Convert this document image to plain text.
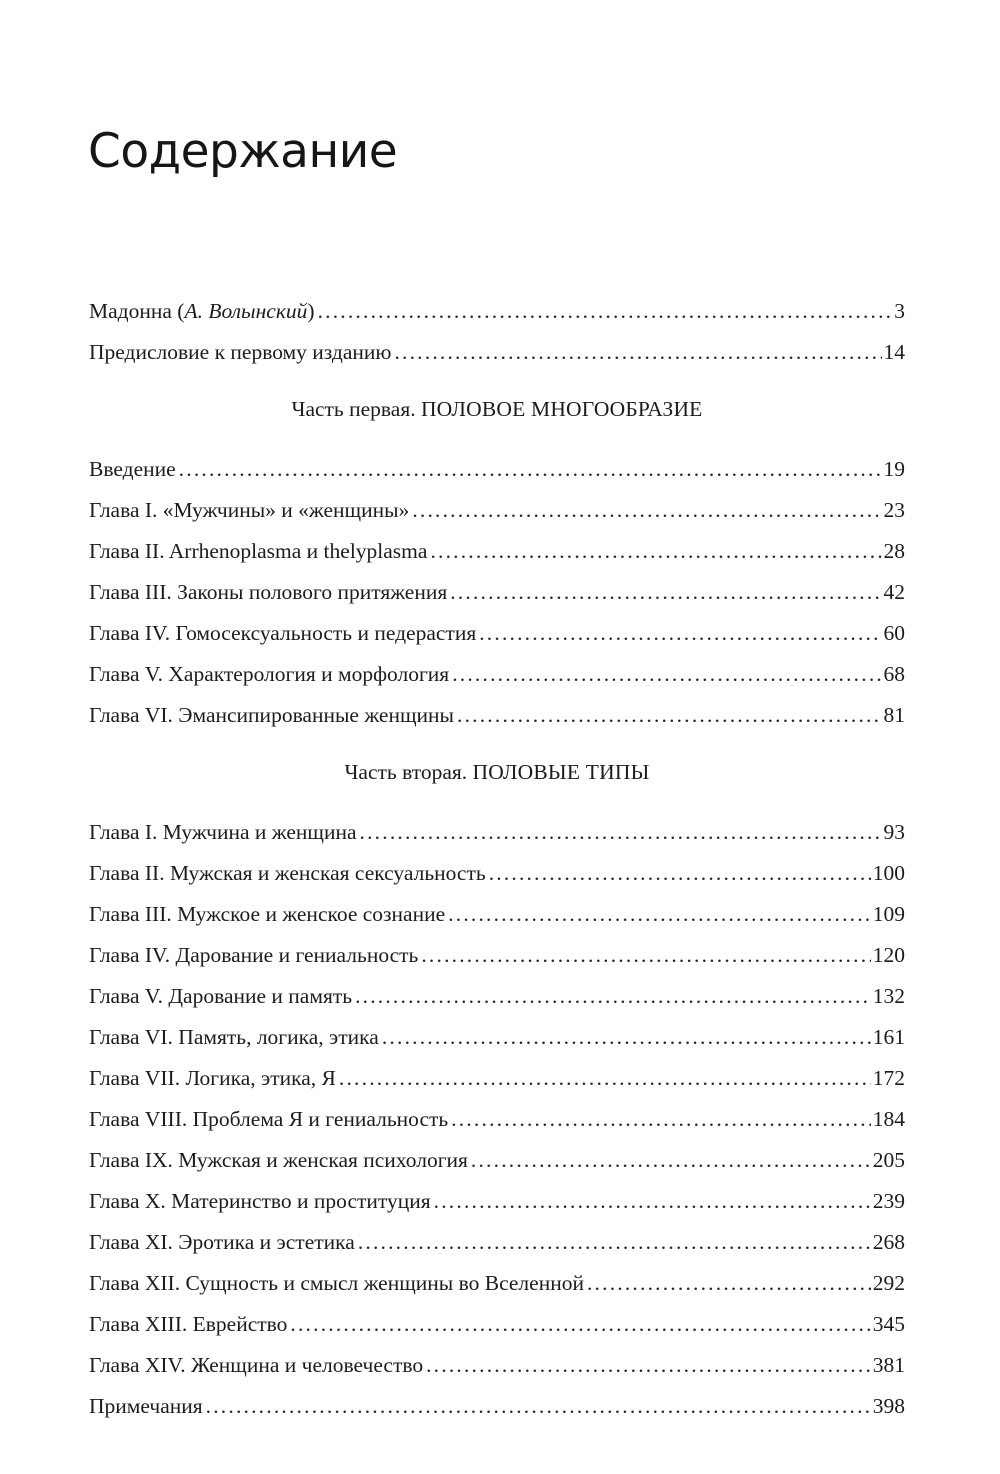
Содержание
Мадонна (А. Волынский) .....	3
Предисловие к первому изданию .....	14
Часть первая. ПОЛОВОЕ МНОГООБРАЗИЕ
Введение .....	19
Глава I. «Мужчины» и «женщины» .....	23
Глава II. Arrhenoplasma и thelyplasma .....	28
Глава III. Законы полового притяжения .....	42
Глава IV. Гомосексуальность и педерастия .....	60
Глава V. Характерология и морфология .....	68
Глава VI. Эмансипированные женщины .....	81
Часть вторая. ПОЛОВЫЕ ТИПЫ
Глава I. Мужчина и женщина .....	93
Глава II. Мужская и женская сексуальность .....	100
Глава III. Мужское и женское сознание .....	109
Глава IV. Дарование и гениальность .....	120
Глава V. Дарование и память .....	132
Глава VI. Память, логика, этика .....	161
Глава VII. Логика, этика, Я .....	172
Глава VIII. Проблема Я и гениальность .....	184
Глава IX. Мужская и женская психология .....	205
Глава X. Материнство и проституция .....	239
Глава XI. Эротика и эстетика .....	268
Глава XII. Сущность и смысл женщины во Вселенной .....	292
Глава XIII. Еврейство .....	345
Глава XIV. Женщина и человечество .....	381
Примечания .....	398
